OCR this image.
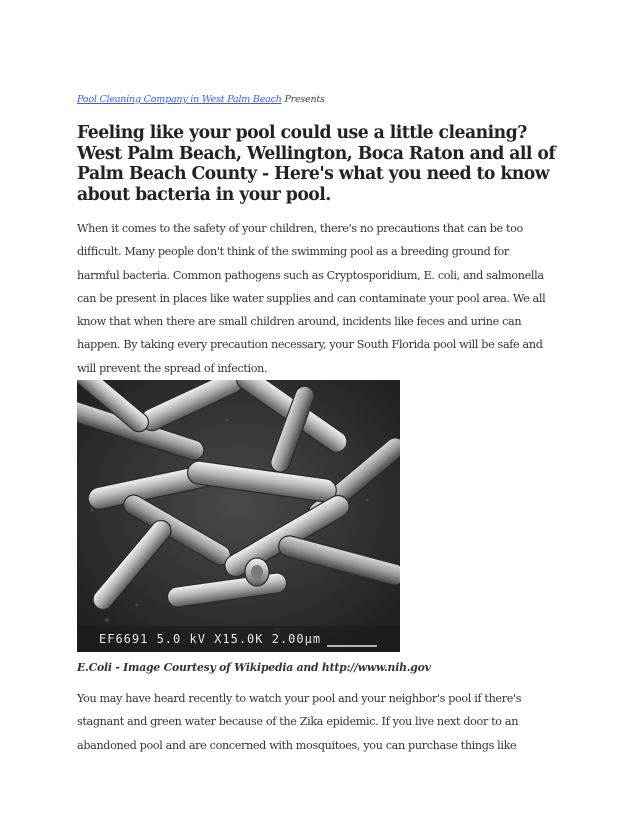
Pool Cleaning Company in West Palm Beach Presents
Feeling like your pool could use a little cleaning?
West Palm Beach, Wellington, Boca Raton and all of
Palm Beach County - Here's what you need to know
about bacteria in your pool.

When it comes to the safety of your children, there's no precautions that can be too
difficult. Many people don't think of the swimming pool as a breeding ground for
harmful bacteria. Common pathogens such as Cryptosporidium, E. coli, and salmonella
can be present in places like water supplies and can contaminate your pool area. We all
know that when there are small children around, incidents like feces and urine can
happen. By taking every precaution necessary, your South Florida pool will be safe and
will prevent the spread of infection.

EF6691 5.0 kV X15.0K 2.00µm
E.Coli - Image Courtesy of Wikipedia and http://www.nih.gov

You may have heard recently to watch your pool and your neighbor's pool if there's
stagnant and green water because of the Zika epidemic. If you live next door to an
abandoned pool and are concerned with mosquitoes, you can purchase things like
